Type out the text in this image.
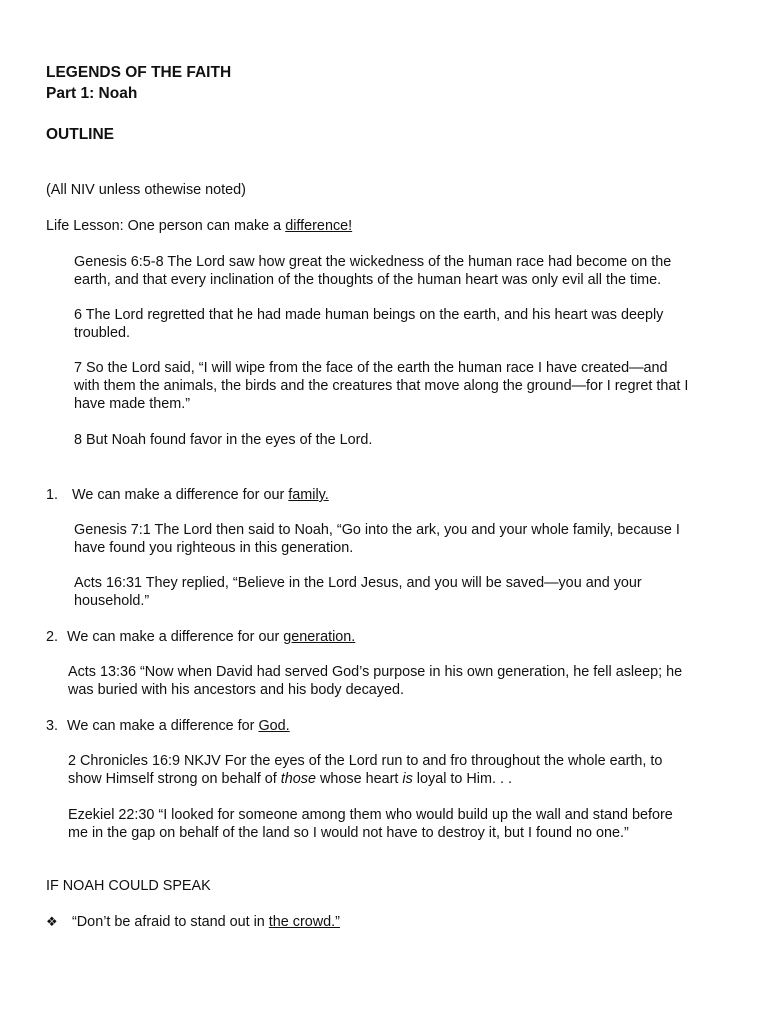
LEGENDS OF THE FAITH
Part 1: Noah
OUTLINE
(All NIV unless othewise noted)
Life Lesson: One person can make a difference!
Genesis 6:5-8 The Lord saw how great the wickedness of the human race had become on the
earth, and that every inclination of the thoughts of the human heart was only evil all the time.
6 The Lord regretted that he had made human beings on the earth, and his heart was deeply
troubled.
7 So the Lord said, “I will wipe from the face of the earth the human race I have created—and
with them the animals, the birds and the creatures that move along the ground—for I regret that I
have made them.”
8 But Noah found favor in the eyes of the Lord.
1. We can make a difference for our family.
Genesis 7:1 The Lord then said to Noah, “Go into the ark, you and your whole family, because I
have found you righteous in this generation.
Acts 16:31 They replied, “Believe in the Lord Jesus, and you will be saved—you and your
household.”
2. We can make a difference for our generation.
Acts 13:36 “Now when David had served God’s purpose in his own generation, he fell asleep; he
was buried with his ancestors and his body decayed.
3. We can make a difference for God.
2 Chronicles 16:9 NKJV For the eyes of the Lord run to and fro throughout the whole earth, to
show Himself strong on behalf of those whose heart is loyal to Him. . .
Ezekiel 22:30 “I looked for someone among them who would build up the wall and stand before
me in the gap on behalf of the land so I would not have to destroy it, but I found no one.”
IF NOAH COULD SPEAK
❖ “Don’t be afraid to stand out in the crowd.”
